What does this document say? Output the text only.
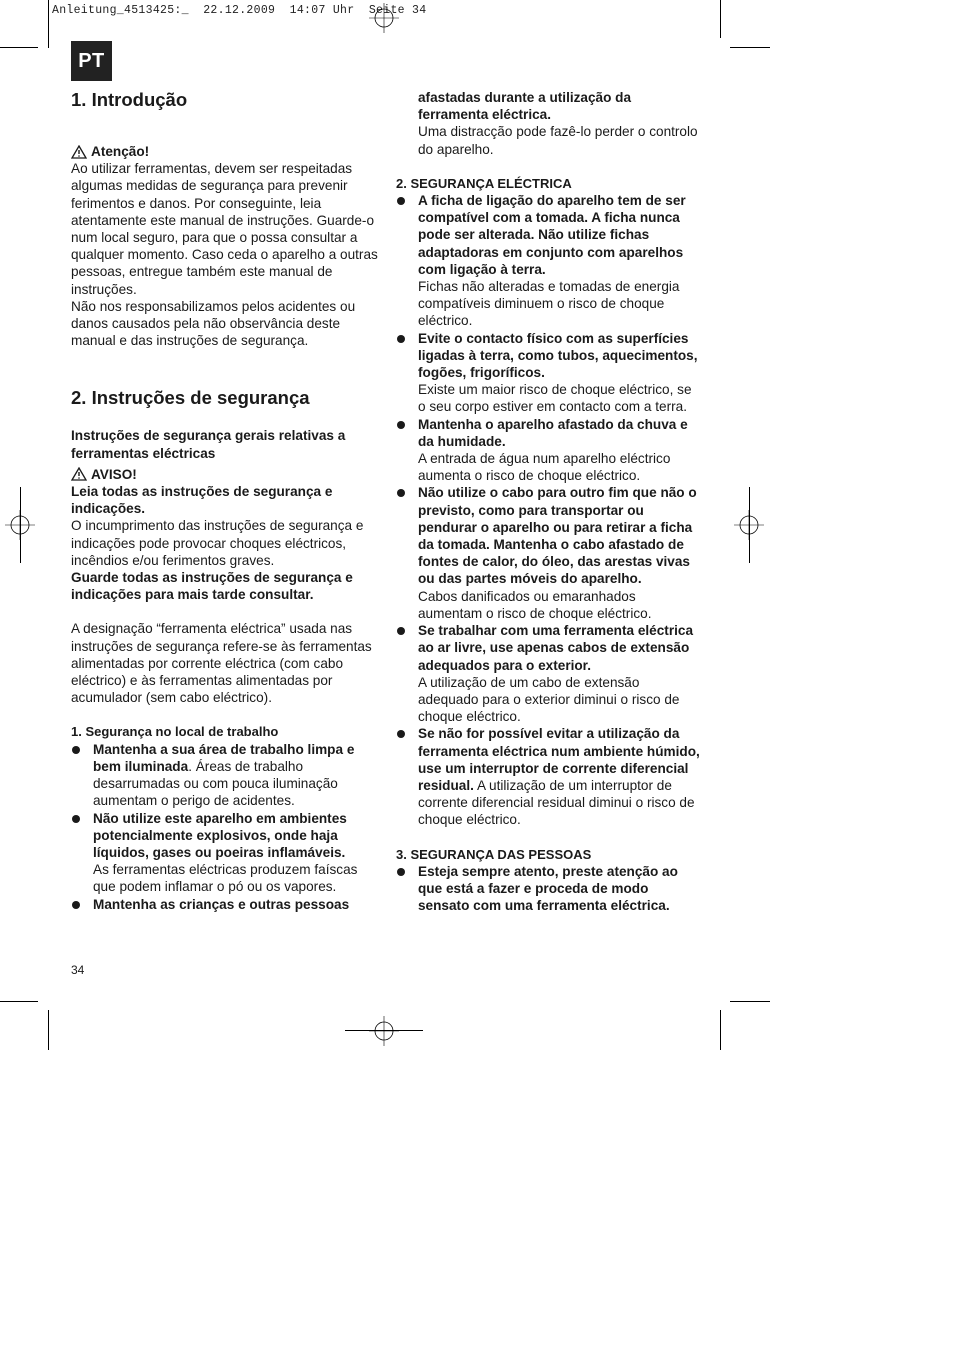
Anleitung_4513425:_  22.12.2009  14:07 Uhr  Seite 34
PT
1. Introdução
Atenção!

Ao utilizar ferramentas, devem ser respeitadas algumas medidas de segurança para prevenir ferimentos e danos. Por conseguinte, leia atentamente este manual de instruções. Guarde-o num local seguro, para que o possa consultar a qualquer momento. Caso ceda o aparelho a outras pessoas, entregue também este manual de instruções.

Não nos responsabilizamos pelos acidentes ou danos causados pela não observância deste manual e das instruções de segurança.

2. Instruções de segurança

Instruções de segurança gerais relativas a ferramentas eléctricas

AVISO!

Leia todas as instruções de segurança e indicações.

O incumprimento das instruções de segurança e indicações pode provocar choques eléctricos, incêndios e/ou ferimentos graves.

Guarde todas as instruções de segurança e indicações para mais tarde consultar.

A designação “ferramenta eléctrica” usada nas instruções de segurança refere-se às ferramentas alimentadas por corrente eléctrica (com cabo eléctrico) e às ferramentas alimentadas por acumulador (sem cabo eléctrico).

1. Segurança no local de trabalho

Mantenha a sua área de trabalho limpa e bem iluminada. Áreas de trabalho desarrumadas ou com pouca iluminação aumentam o perigo de acidentes.
Não utilize este aparelho em ambientes potencialmente explosivos, onde haja líquidos, gases ou poeiras inflamáveis.
As ferramentas eléctricas produzem faíscas que podem inflamar o pó ou os vapores.
Mantenha as crianças e outras pessoas
34
afastadas durante a utilização da ferramenta eléctrica.
Uma distracção pode fazê-lo perder o controlo do aparelho.

2. SEGURANÇA ELÉCTRICA

A ficha de ligação do aparelho tem de ser compatível com a tomada. A ficha nunca pode ser alterada. Não utilize fichas adaptadoras em conjunto com aparelhos com ligação à terra.
Fichas não alteradas e tomadas de energia compatíveis diminuem o risco de choque eléctrico.
Evite o contacto físico com as superfícies ligadas à terra, como tubos, aquecimentos, fogões, frigoríficos.
Existe um maior risco de choque eléctrico, se o seu corpo estiver em contacto com a terra.
Mantenha o aparelho afastado da chuva e da humidade.
A entrada de água num aparelho eléctrico aumenta o risco de choque eléctrico.
Não utilize o cabo para outro fim que não o previsto, como para transportar ou pendurar o aparelho ou para retirar a ficha da tomada. Mantenha o cabo afastado de fontes de calor, do óleo, das arestas vivas ou das partes móveis do aparelho.
Cabos danificados ou emaranhados aumentam o risco de choque eléctrico.
Se trabalhar com uma ferramenta eléctrica ao ar livre, use apenas cabos de extensão adequados para o exterior.
A utilização de um cabo de extensão adequado para o exterior diminui o risco de choque eléctrico.
Se não for possível evitar a utilização da ferramenta eléctrica num ambiente húmido, use um interruptor de corrente diferencial residual. A utilização de um interruptor de corrente diferencial residual diminui o risco de choque eléctrico.

3. SEGURANÇA DAS PESSOAS

Esteja sempre atento, preste atenção ao que está a fazer e proceda de modo sensato com uma ferramenta eléctrica.
